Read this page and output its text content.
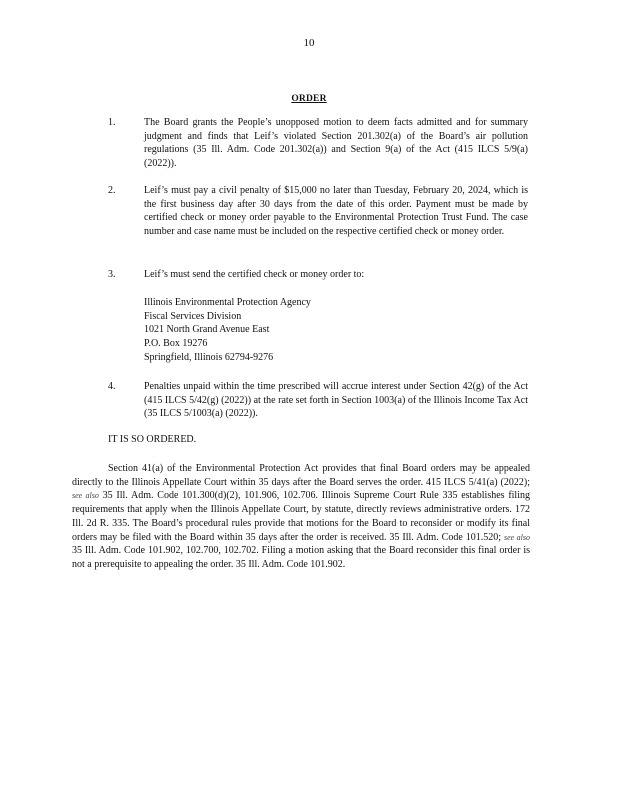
10
ORDER
1.	The Board grants the People’s unopposed motion to deem facts admitted and for summary judgment and finds that Leif’s violated Section 201.302(a) of the Board’s air pollution regulations (35 Ill. Adm. Code 201.302(a)) and Section 9(a) of the Act (415 ILCS 5/9(a) (2022)).
2.	Leif’s must pay a civil penalty of $15,000 no later than Tuesday, February 20, 2024, which is the first business day after 30 days from the date of this order. Payment must be made by certified check or money order payable to the Environmental Protection Trust Fund. The case number and case name must be included on the respective certified check or money order.
3.	Leif’s must send the certified check or money order to:
Illinois Environmental Protection Agency
Fiscal Services Division
1021 North Grand Avenue East
P.O. Box 19276
Springfield, Illinois 62794-9276
4.	Penalties unpaid within the time prescribed will accrue interest under Section 42(g) of the Act (415 ILCS 5/42(g) (2022)) at the rate set forth in Section 1003(a) of the Illinois Income Tax Act (35 ILCS 5/1003(a) (2022)).
IT IS SO ORDERED.
Section 41(a) of the Environmental Protection Act provides that final Board orders may be appealed directly to the Illinois Appellate Court within 35 days after the Board serves the order. 415 ILCS 5/41(a) (2022); see also 35 Ill. Adm. Code 101.300(d)(2), 101.906, 102.706. Illinois Supreme Court Rule 335 establishes filing requirements that apply when the Illinois Appellate Court, by statute, directly reviews administrative orders. 172 Ill. 2d R. 335. The Board’s procedural rules provide that motions for the Board to reconsider or modify its final orders may be filed with the Board within 35 days after the order is received. 35 Ill. Adm. Code 101.520; see also 35 Ill. Adm. Code 101.902, 102.700, 102.702. Filing a motion asking that the Board reconsider this final order is not a prerequisite to appealing the order. 35 Ill. Adm. Code 101.902.
